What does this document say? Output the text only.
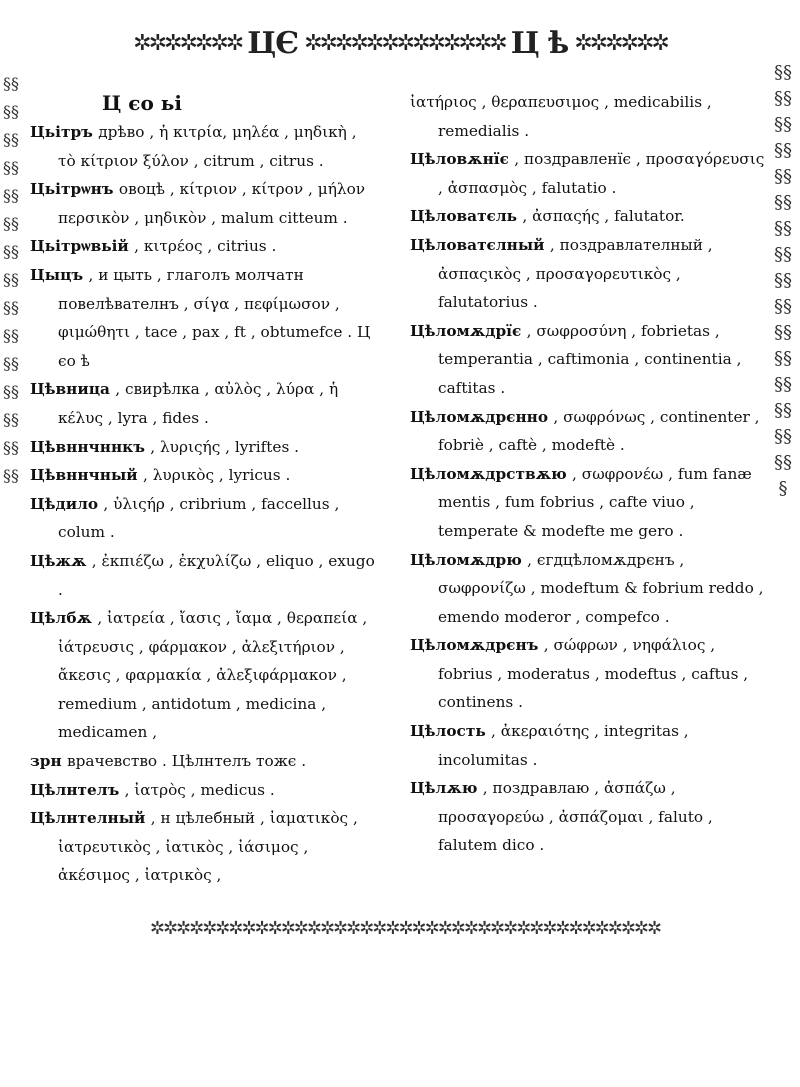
✲✲✲✲✲✲✲ ЦЄ ✲✲✲✲✲✲✲✲✲✲✲✲✲ Ц ѣ ✲✲✲✲✲✲
§§§§§§§§§§§§§§§§§§§§§§§§§§§§§§
§§§§§§§§§§§§§§§§§§§§§§§§§§§§§§§§§
Ц єо ьі
Цьітръ дрѣво , ἡ κιτρία, μηλέα , μηδικὴ , τὸ κίτριον ξύλον , citrum , citrus .
Цьітрѡнъ овоцѣ , κίτριον , κίτρον , μήλον περσικὸν , μηδικὸν , malum citteum .
Цьітрѡвьій , κιτρέος , citrius .
Цыцъ , и цыть , глаголъ молчатн повелѣвателнъ , σίγα , πεφίμωσον , φιμώθητι , tace , pax , ft , obtumefce . Ц єо ѣ
Цѣвница , свирѣлка , αὐλὸς , λύρα , ἡ κέλυς , lyra , fides .
Цѣвннчннкъ , λυριςής , lyriftes .
Цѣвннчный , λυρικὸς , lyricus .
Цѣдило , ὑλιςήρ , cribrium , faccellus , colum .
Цѣжѫ , ἐκπιέζω , ἐκχυλίζω , eliquo , exugo .
Цѣлбѫ , ἰατρεία , ἴασις , ἴαμα , θεραπεία , ἰάτρευσις , φάρμακον , ἀλεξιτήριον , ἄκεσις , φαρμακία , ἀλεξιφάρμακον , remedium , antidotum , medicina , medicamen ,
зрн врачевство . Цѣлнтелъ тожє .
Цѣлнтелъ , ἰατρὸς , medicus .
Цѣлнтелный , н цѣлебный , ἰαματικὸς , ἰατρευτικὸς , ἰατικὸς , ἰάσιμος , ἀκέσιμος , ἰατρικὸς ,
ἰατήριος , θεραπευσιμος , medicabilis , remedialis .
Цѣловѫнїє , поздравленїє , προσαγόρευσις , ἀσπασμὸς , falutatio .
Цѣловатєль , ἀσπαςής , falutator.
Цѣловатєлный , поздравлателный , ἀσπαςικὸς , προσαγορευτικὸς , falutatorius .
Цѣломѫдрїє , σωφροσύνη , fobrietas , temperantia , caftimonia , continentia , caftitas .
Цѣломѫдрєнно , σωφρόνως , continenter , fobriè , caftè , modeftè .
Цѣломѫдрствѫю , σωφρονέω , fum fanæ mentis , fum fobrius , cafte viuo , temperate & modefte me gero .
Цѣломѫдрю , єгдцѣломѫдрєнъ , σωφρονίζω , modeftum & fobrium reddo , emendo moderor , compefco .
Цѣломѫдрєнъ , σώφρων , νηφάλιος , fobrius , moderatus , modeftus , caftus , continens .
Цѣлость , ἀκεραιότης , integritas , incolumitas .
Цѣлѫю , поздравлаю , ἀσπάζω , προσαγορεύω , ἀσπάζομαι , faluto , falutem dico .
✲✲✲✲✲✲✲✲✲✲✲✲✲✲✲✲✲✲✲✲✲✲✲✲✲✲✲✲✲✲✲✲✲✲✲✲✲✲✲
